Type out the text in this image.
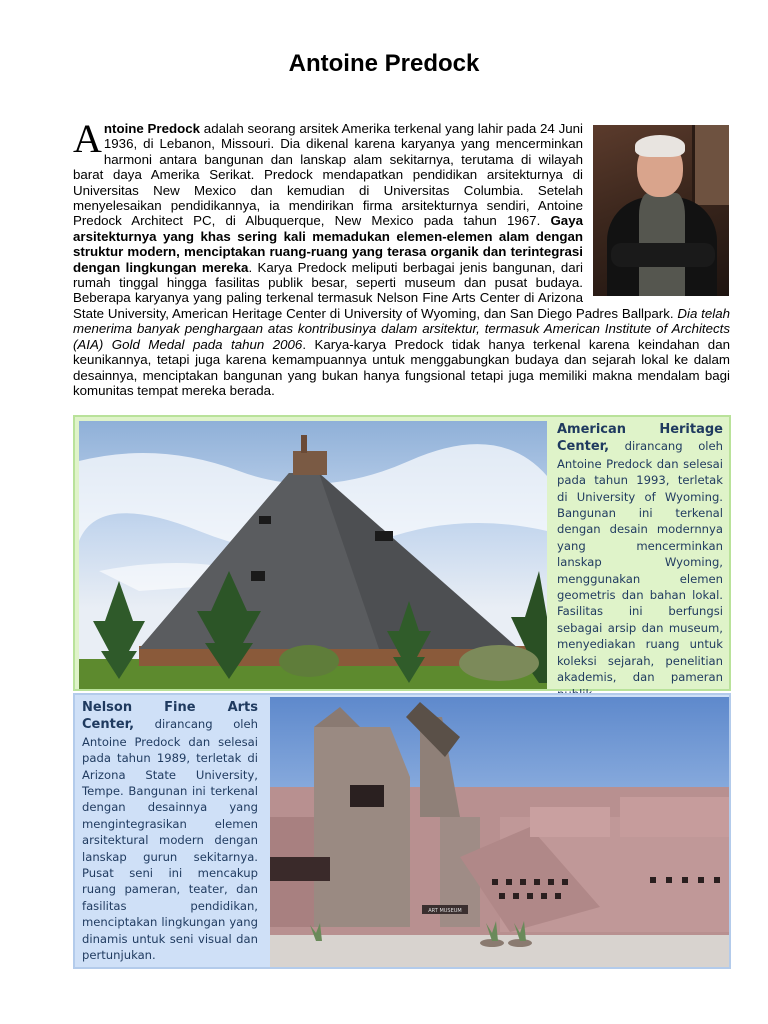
Antoine Predock

Antoine Predock adalah seorang arsitek Amerika terkenal yang lahir pada 24 Juni 1936, di Lebanon, Missouri. Dia dikenal karena karyanya yang mencerminkan harmoni antara bangunan dan lanskap alam sekitarnya, terutama di wilayah barat daya Amerika Serikat. Predock mendapatkan pendidikan arsitekturnya di Universitas New Mexico dan kemudian di Universitas Columbia. Setelah menyelesaikan pendidikannya, ia mendirikan firma arsitekturnya sendiri, Antoine Predock Architect PC, di Albuquerque, New Mexico pada tahun 1967. Gaya arsitekturnya yang khas sering kali memadukan elemen-elemen alam dengan struktur modern, menciptakan ruang-ruang yang terasa organik dan terintegrasi dengan lingkungan mereka. Karya Predock meliputi berbagai jenis bangunan, dari rumah tinggal hingga fasilitas publik besar, seperti museum dan pusat budaya. Beberapa karyanya yang paling terkenal termasuk Nelson Fine Arts Center di Arizona State University, American Heritage Center di University of Wyoming, dan San Diego Padres Ballpark. Dia telah menerima banyak penghargaan atas kontribusinya dalam arsitektur, termasuk American Institute of Architects (AIA) Gold Medal pada tahun 2006. Karya-karya Predock tidak hanya terkenal karena keindahan dan keunikannya, tetapi juga karena kemampuannya untuk menggabungkan budaya dan sejarah lokal ke dalam desainnya, menciptakan bangunan yang bukan hanya fungsional tetapi juga memiliki makna mendalam bagi komunitas tempat mereka berada.

American Heritage Center, dirancang oleh Antoine Predock dan selesai pada tahun 1993, terletak di University of Wyoming. Bangunan ini terkenal dengan desain modernnya yang mencerminkan lanskap Wyoming, menggunakan elemen geometris dan bahan lokal. Fasilitas ini berfungsi sebagai arsip dan museum, menyediakan ruang untuk koleksi sejarah, penelitian akademis, dan pameran
Nelson Fine Arts Center, dirancang oleh Antoine Predock dan selesai pada tahun 1989, terletak di Arizona State University, Tempe. Bangunan ini terkenal dengan desainnya yang mengintegrasikan elemen arsitektural modern dengan lanskap gurun sekitarnya. Pusat seni ini mencakup ruang pameran, teater, dan fasilitas pendidikan, menciptakan lingkungan yang dinamis untuk seni visual dan pertunjukan.
ART MUSEUM
